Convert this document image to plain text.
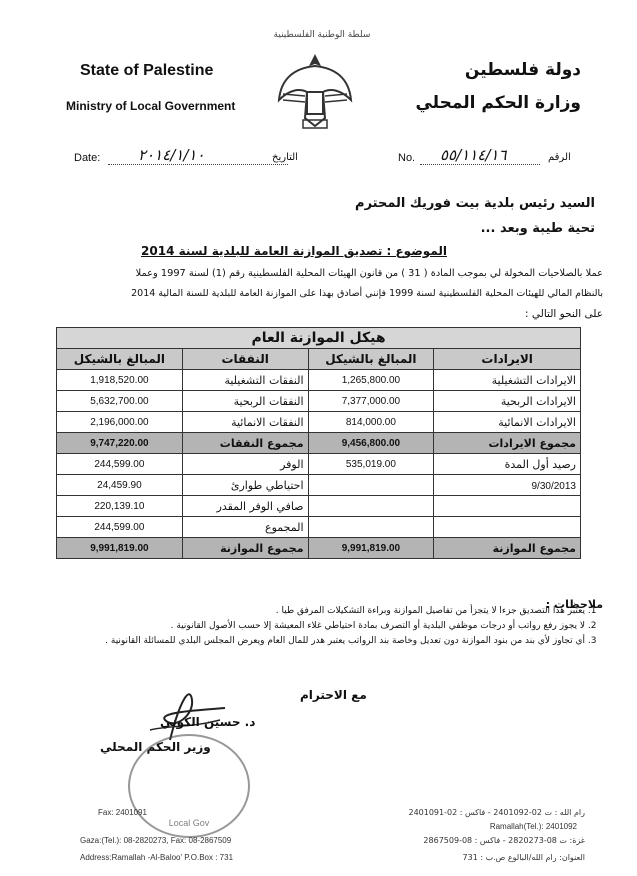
سلطة الوطنية الفلسطينية
State of Palestine
Ministry of Local Government
دولة فلسطين
وزارة الحكم المحلي
Date:	٢٠١٤/١/١٠	التاريخ	No. ٥٥/١١٤/١٦	الرقم
السيد رئيس بلدية بيت فوريك المحترم
تحية طيبة وبعد ...
الموضوع : تصديق الموازنة العامة للبلدية لسنة 2014
عملا بالصلاحيات المخولة لي بموجب المادة ( 31 ) من قانون الهيئات المحلية الفلسطينية رقم (1) لسنة 1997 وعملا
بالنظام المالي للهيئات المحلية الفلسطينية لسنة 1999 فإنني أصادق بهذا على الموازنة العامة للبلدية للسنة المالية 2014
على النحو التالي :
هيكل الموازنة العام			
الايرادات	المبالغ بالشيكل	النفقات	المبالغ بالشيكل
الايرادات التشغيلية	1,265,800.00	النفقات التشغيلية	1,918,520.00
الايرادات الربحية	7,377,000.00	النفقات الربحية	5,632,700.00
الايرادات الانمائية	814,000.00	النفقات الانمائية	2,196,000.00
مجموع الايرادات	9,456,800.00	مجموع النفقات	9,747,220.00
رصيد أول المدة	535,019.00	الوفر	244,599.00
9/30/2013		احتياطي طوارئ	24,459.90
		صافي الوفر المقدر	220,139.10
		المجموع	244,599.00
مجموع الموازنة	9,991,819.00	مجموع الموازنة	9,991,819.00
ملاحظات :
1. يعتبر هذا التصديق جزءا لا يتجزأ من تفاصيل الموازنة وبراءة التشكيلات المرفق طيا .
2. لا يجوز رفع رواتب أو درجات موظفي البلدية أو التصرف بمادة احتياطي غلاء المعيشة إلا حسب الأصول القانونية .
3. أي تجاوز لأي بند من بنود الموازنة دون تعديل وخاصة بند الرواتب يعتبر هدر للمال العام ويعرض المجلس البلدي للمسائلة القانونية .
مع الاحترام
د. حسين الكوني
وزير الحكم المحلي
Local Gov
Fax: 2401091
Gaza:(Tel.): 08-2820273, Fax: 08-2867509
Address:Ramallah -Al-Baloo' P.O.Box : 731
رام الله : ت 02-2401092 - فاكس : 02-2401091
Ramallah(Tel.): 2401092
غزة: ت 08-2820273 - فاكس : 08-2867509
العنوان: رام الله/البالوع ص.ب : 731
